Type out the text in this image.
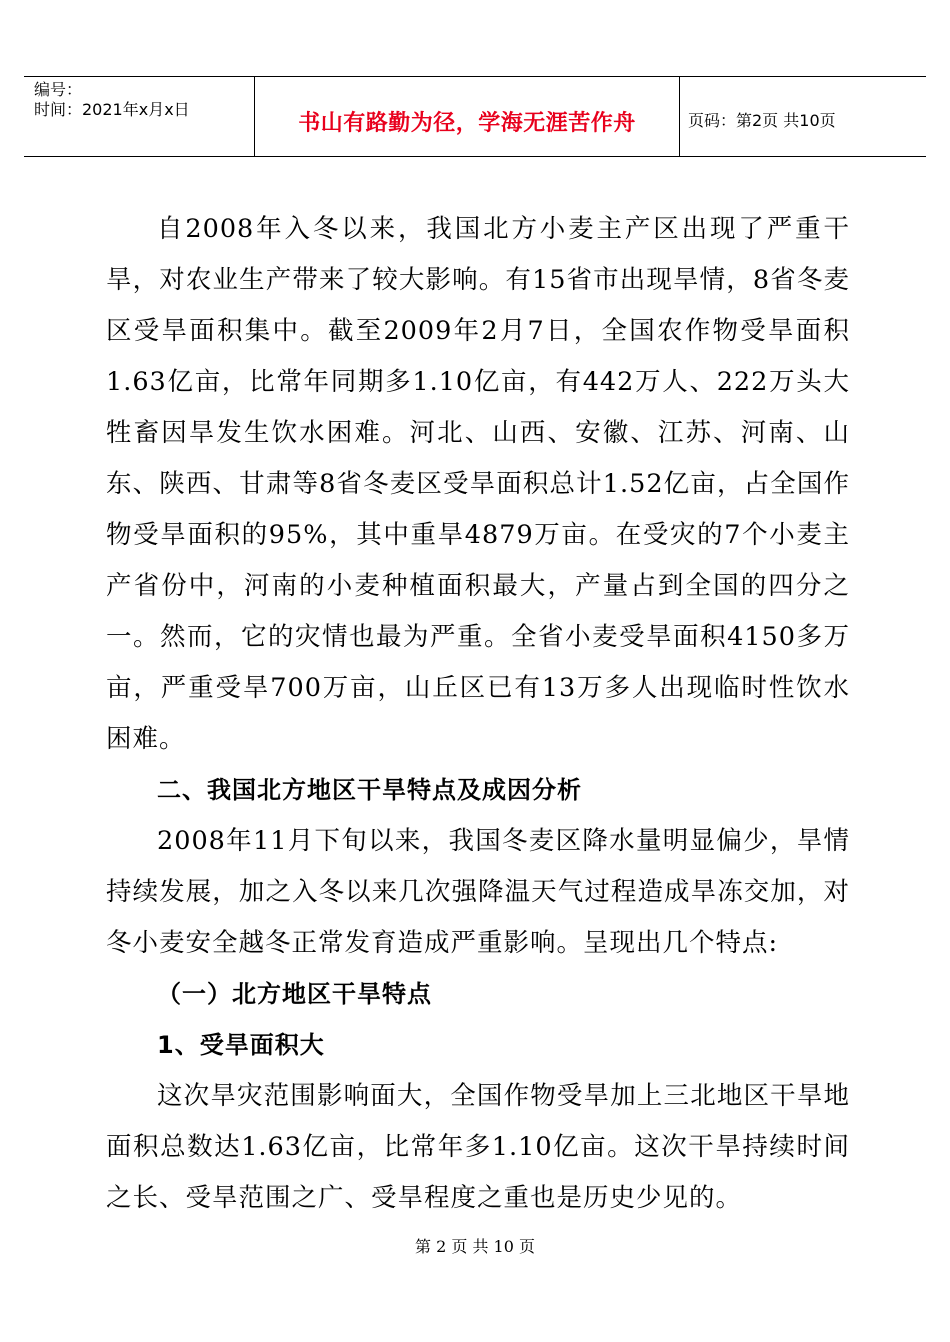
编号：
时间：2021年x月x日
书山有路勤为径，学海无涯苦作舟	页码：第2页 共10页

自2008年入冬以来，我国北方小麦主产区出现了严重干旱，对农业生产带来了较大影响。有15省市出现旱情，8省冬麦区受旱面积集中。截至2009年2月7日，全国农作物受旱面积1.63亿亩，比常年同期多1.10亿亩，有442万人、222万头大牲畜因旱发生饮水困难。河北、山西、安徽、江苏、河南、山东、陕西、甘肃等8省冬麦区受旱面积总计1.52亿亩，占全国作物受旱面积的95%，其中重旱4879万亩。在受灾的7个小麦主产省份中，河南的小麦种植面积最大，产量占到全国的四分之一。然而，它的灾情也最为严重。全省小麦受旱面积4150多万亩，严重受旱700万亩，山丘区已有13万多人出现临时性饮水困难。

二、我国北方地区干旱特点及成因分析

2008年11月下旬以来，我国冬麦区降水量明显偏少，旱情持续发展，加之入冬以来几次强降温天气过程造成旱冻交加，对冬小麦安全越冬正常发育造成严重影响。呈现出几个特点:

（一）北方地区干旱特点

1、受旱面积大

这次旱灾范围影响面大，全国作物受旱加上三北地区干旱地面积总数达1.63亿亩，比常年多1.10亿亩。这次干旱持续时间之长、受旱范围之广、受旱程度之重也是历史少见的。

第 2 页 共 10 页
